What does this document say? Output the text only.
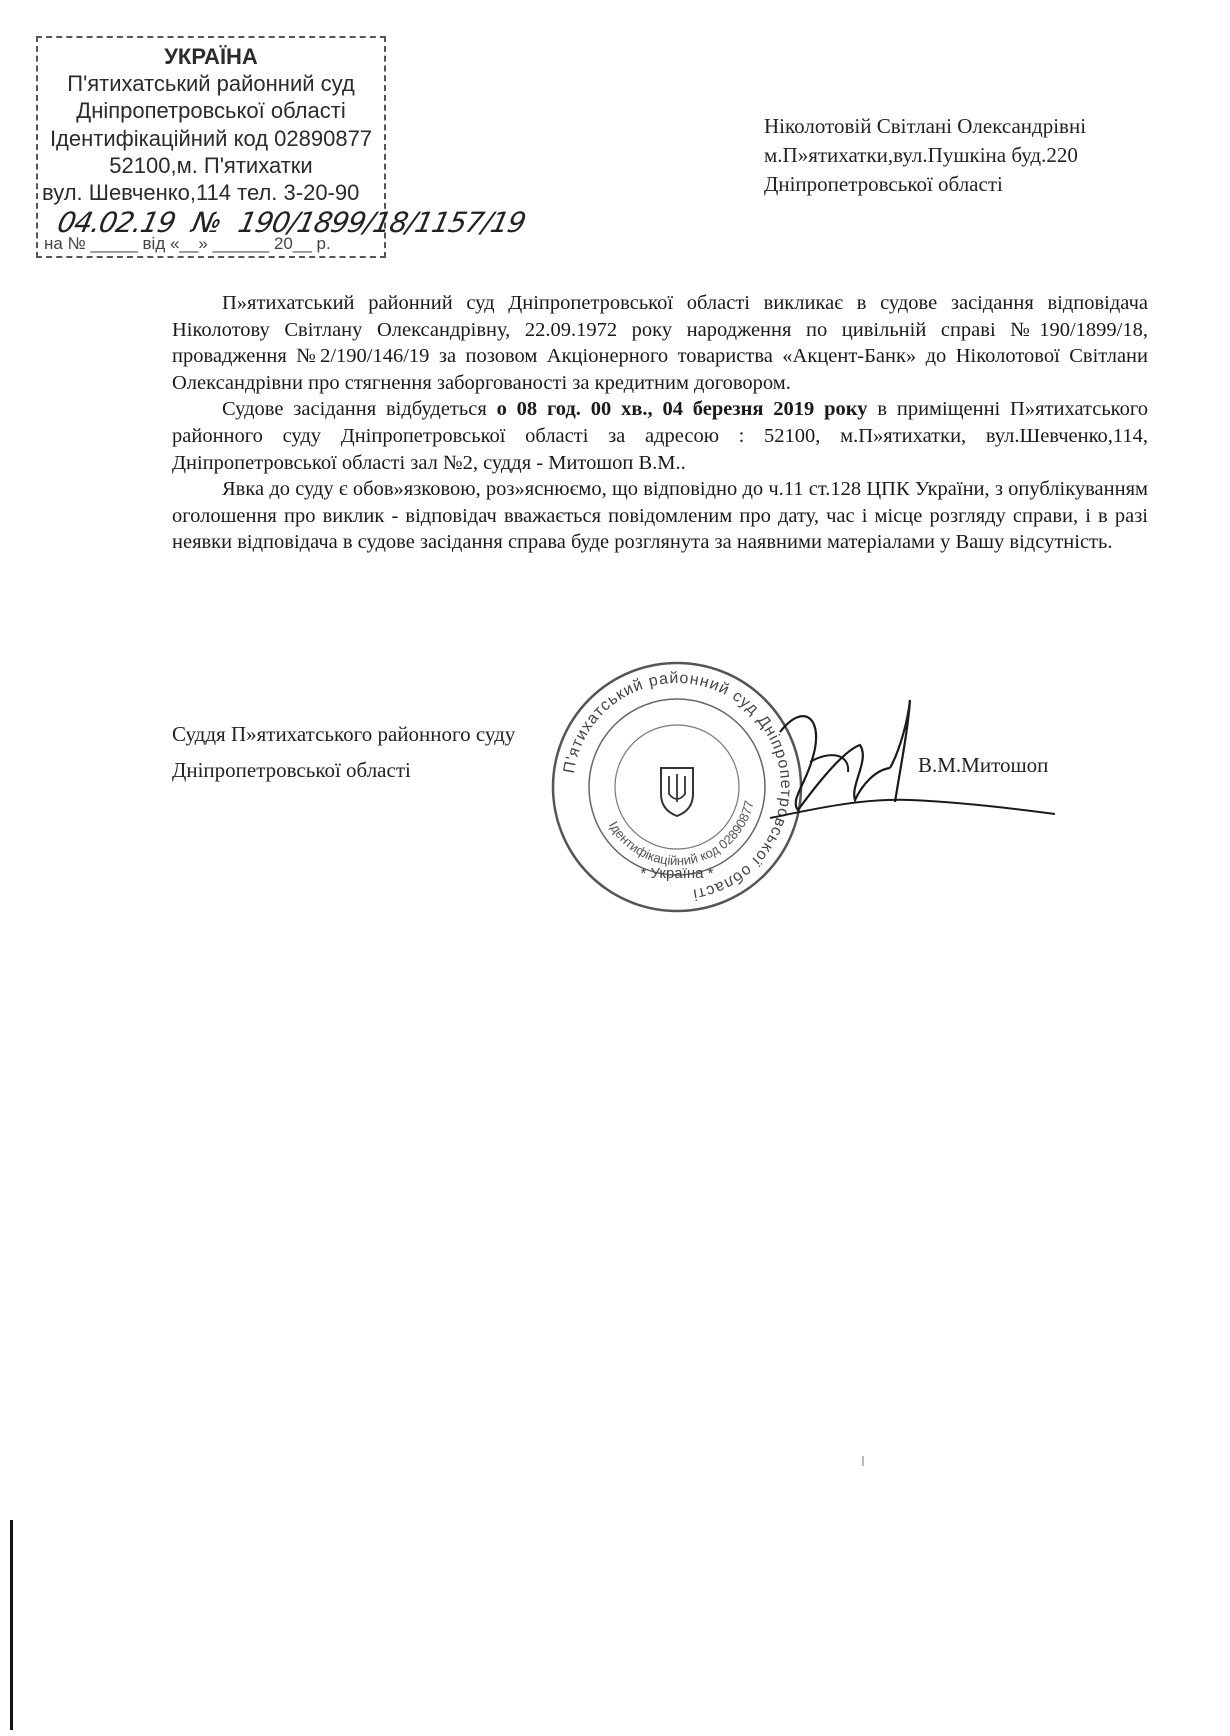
УКРАЇНА
П'ятихатський районний суд
Дніпропетровської області
Ідентифікаційний код 02890877
52100,м. П'ятихатки
вул. Шевченко,114 тел. 3-20-90
04.02.19 № 190/1899/18/1157/19
на № _____ від «__» ______ 20__ р.
Ніколотовій Світлані Олександрівні
м.П»ятихатки,вул.Пушкіна буд.220
Дніпропетровської області

П»ятихатський районний суд Дніпропетровської області викликає в судове засідання відповідача Ніколотову Світлану Олександрівну, 22.09.1972 року народження по цивільній справі №190/1899/18, провадження №2/190/146/19 за позовом Акціонерного товариства «Акцент-Банк» до Ніколотової Світлани Олександрівни про стягнення заборгованості за кредитним договором.

Судове засідання відбудеться о 08 год. 00 хв., 04 березня 2019 року в приміщенні П»ятихатського районного суду Дніпропетровської області за адресою : 52100, м.П»ятихатки, вул.Шевченко,114, Дніпропетровської області зал №2, суддя - Митошоп В.М..

Явка до суду є обов»язковою, роз»яснюємо, що відповідно до ч.11 ст.128 ЦПК України, з опублікуванням оголошення про виклик - відповідач вважається повідомленим про дату, час і місце розгляду справи, і в разі неявки відповідача в судове засідання справа буде розглянута за наявними матеріалами у Вашу відсутність.

П'ятихатський районний суд Дніпропетровської області
Ідентифікаційний код 02890877
* Україна *
Суддя П»ятихатського районного суду
Дніпропетровської області	В.М.Митошоп
